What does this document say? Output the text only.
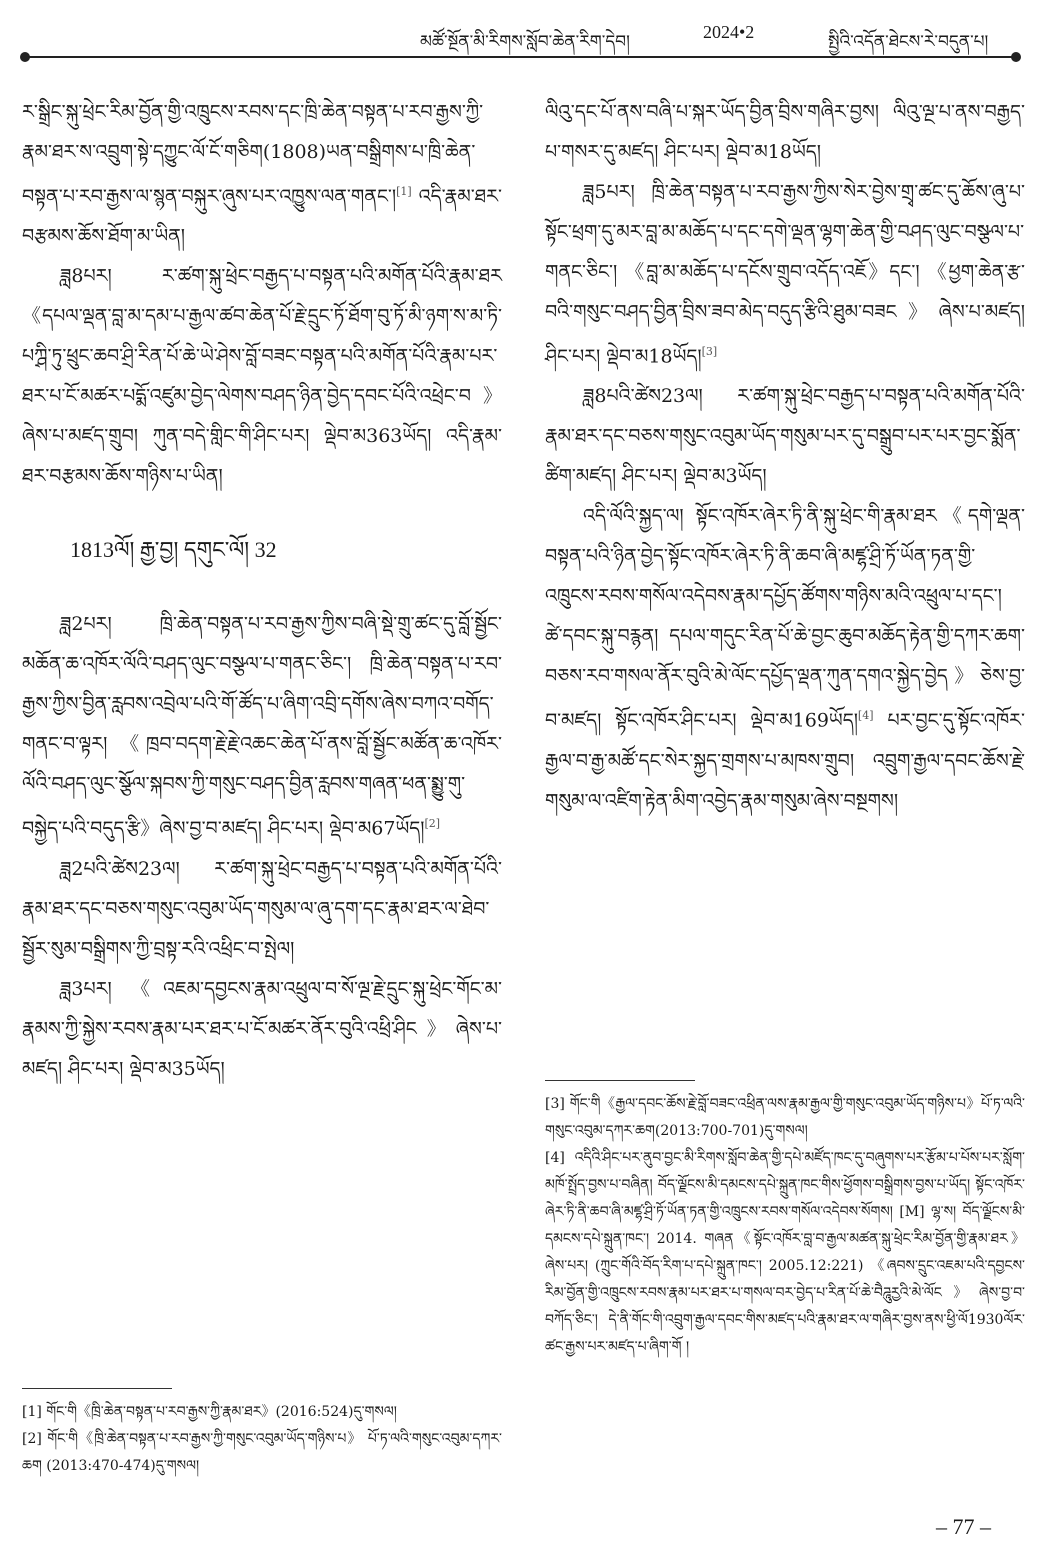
མཚོ་སྔོན་མི་རིགས་སློབ་ཆེན་རིག་དེབ།	2024•2	སྤྱིའི་འདོན་ཐེངས་རེ་བདུན་པ།

ར་སྒྲིང་སྐུ་ཕྲེང་རིམ་བྱོན་གྱི་འཁྲུངས་རབས་དང་ཁྲི་ཆེན་བསྟན་པ་རབ་རྒྱས་ཀྱི་རྣམ་ཐར་ས་འབྲུག་སྟེ་དཀྱུང་ལོ་ངོ་གཅིག(1808)ཡན་བསྒྲིགས་པ་ཁྲི་ཆེན་བསྟན་པ་རབ་རྒྱས་ལ་སྙན་བསྐུར་ཞུས་པར་འཁྱུས་ལན་གནང་།[1] འདི་རྣམ་ཐར་བརྩམས་ཆོས་ཐོག་མ་ཡིན།

ཟླ8པར། ར་ཚག་སྐུ་ཕྲེང་བརྒྱད་པ་བསྟན་པའི་མགོན་པོའི་རྣམ་ཐར《དཔལ་ལྡན་བླ་མ་དམ་པ་རྒྱལ་ཚབ་ཆེན་པོ་རྗེ་དྲུང་ཏོ་ཐོག་བུ་ཏོ་མི་ཉག་ས་མ་ཏི་པཀྴི་ཏུ་ཕྲུང་ཆབ་ཤྲི་རིན་པོ་ཆེ་ཡེ་ཤེས་བློ་བཟང་བསྟན་པའི་མགོན་པོའི་རྣམ་པར་ཐར་པ་ངོ་མཚར་པདྨོ་འཛུམ་བྱེད་ལེགས་བཤད་ཉིན་བྱེད་དབང་པོའི་འཕྲེང་བ》ཞེས་པ་མཛད་གྲུབ། ཀུན་བདེ་གླིང་གི་ཤིང་པར། ལྡེབ་མ363ཡོད། འདི་རྣམ་ཐར་བརྩམས་ཆོས་གཉིས་པ་ཡིན།

1813ལོ། རྒྱ་བྱ། དགུང་ལོ། 32

ཟླ2པར། ཁྲི་ཆེན་བསྟན་པ་རབ་རྒྱས་ཀྱིས་བཞི་སྡེ་གྲུ་ཚང་དུ་བློ་སྦྱོང་མཆོན་ཆ་འཁོར་ལོའི་བཤད་ལུང་བསྩལ་པ་གནང་ཅིང་། ཁྲི་ཆེན་བསྟན་པ་རབ་རྒྱས་ཀྱིས་བྱིན་རླབས་འབྲེལ་པའི་གོ་ཚོད་པ་ཞིག་འབྲི་དགོས་ཞེས་བཀའ་བགོད་གནང་བ་ལྟར། 《ཁྲབ་བདག་རྗེ་རྗེ་འཆང་ཆེན་པོ་ནས་བློ་སྦྱོང་མཚོན་ཆ་འཁོར་ལོའི་བཤད་ལུང་སྩོལ་སྐབས་ཀྱི་གསུང་བཤད་བྱིན་རླབས་གཞན་ཕན་སྨྱུ་གུ་བསྐྱེད་པའི་བདུད་རྩི》ཞེས་བྱ་བ་མཛད། ཤིང་པར། ལྡེབ་མ67ཡོད།[2]

ཟླ2པའི་ཚེས23ལ། ར་ཚག་སྐུ་ཕྲེང་བརྒྱད་པ་བསྟན་པའི་མགོན་པོའི་རྣམ་ཐར་དང་བཅས་གསུང་འབུམ་ཡོད་གསུམ་ལ་ཞུ་དག་དང་རྣམ་ཐར་ལ་ཐེབ་སྦྱོར་སུམ་བསྒྲིགས་ཀྱི་བྲསྟ་རའི་འཕྲིང་བ་སྤེལ།

ཟླ3པར། 《འཇམ་དབྱངས་རྣམ་འཕྲུལ་བ་སོ་ལྔ་རྗེ་དྲུང་སྐུ་ཕྲེང་གོང་མ་རྣམས་ཀྱི་སྐྱེས་རབས་རྣམ་པར་ཐར་པ་ངོ་མཚར་ནོར་བུའི་འཕྲི་ཤིང》ཞེས་པ་མཛད། ཤིང་པར། ལྡེབ་མ35ཡོད།

[1] གོང་གི《ཁྲི་ཆེན་བསྟན་པ་རབ་རྒྱས་ཀྱི་རྣམ་ཐར》(2016:524)དུ་གསལ།

[2] གོང་གི《ཁྲི་ཆེན་བསྟན་པ་རབ་རྒྱས་ཀྱི་གསུང་འབུམ་ཡོད་གཉིས་པ》 པོ་ཏ་ལའི་གསུང་འབུམ་དཀར་ཆག (2013:470-474)དུ་གསལ།

ལིའུ་དང་པོ་ནས་བཞི་པ་སྐར་ཡོད་བྱིན་བྲིས་གཞིར་བྱས། ལིའུ་ལྔ་པ་ནས་བརྒྱད་པ་གསར་དུ་མཛད། ཤིང་པར། ལྡེབ་མ18ཡོད།

ཟླ5པར། ཁྲི་ཆེན་བསྟན་པ་རབ་རྒྱས་ཀྱིས་སེར་བྱེས་གྲྭ་ཚང་དུ་ཆོས་ཞུ་པ་སྟོང་ཕྲག་དུ་མར་བླ་མ་མཆོད་པ་དང་དགེ་ལྡན་ལྷག་ཆེན་གྱི་བཤད་ལུང་བསྩལ་པ་གནང་ཅིང་། 《བླ་མ་མཆོད་པ་དངོས་གྲུབ་འདོད་འཇོ》དང་། 《ཕྱག་ཆེན་རྩ་བའི་གསུང་བཤད་བྱིན་བྲིས་ཟབ་མེད་བདུད་རྩིའི་ཐུམ་བཟང》ཞེས་པ་མཛད། ཤིང་པར། ལྡེབ་མ18ཡོད།[3]

ཟླ8པའི་ཚེས23ལ། ར་ཚག་སྐུ་ཕྲེང་བརྒྱད་པ་བསྟན་པའི་མགོན་པོའི་རྣམ་ཐར་དང་བཅས་གསུང་འབུམ་ཡོད་གསུམ་པར་དུ་བསྒྲུབ་པར་པར་བྱང་སྨོན་ཚིག་མཛད། ཤིང་པར། ལྡེབ་མ3ཡོད།

འདི་ལོའི་སྐྱད་ལ། སྟོང་འཁོར་ཞེར་ཏི་ནི་སྐུ་ཕྲེང་གི་རྣམ་ཐར《དགེ་ལྡན་བསྟན་པའི་ཉིན་བྱེད་སྟོང་འཁོར་ཞེར་ཏི་ནི་ཆབ་ཞི་མཛྷ་ཤྲི་ཏོ་ཡོན་ཏན་གྱི་འཁྲུངས་རབས་གསོལ་འདེབས་རྣམ་དཔྱོད་ཚོགས་གཉིས་མའི་འཕྲུལ་པ་དང་། ཚེ་དབང་སྐུ་བརྙན། དཔལ་གདུང་རིན་པོ་ཆེ་བྱང་ཆུབ་མཆོད་རྟེན་གྱི་དཀར་ཆག་བཅས་རབ་གསལ་ནོར་བུའི་མེ་ལོང་དཔྱོད་ལྡན་ཀུན་དགའ་སྐྱེད་བྱེད》ཅེས་བྱ་བ་མཛད། སྟོང་འཁོར་ཤིང་པར། ལྡེབ་མ169ཡོད།[4] པར་བྱང་དུ་སྟོང་འཁོར་རྒྱལ་བ་རྒྱ་མཚོ་དང་སེར་སྐྱད་གྲགས་པ་མཁས་གྲུབ། འབྲུག་རྒྱལ་དབང་ཆོས་རྗེ་གསུམ་ལ་འཛིག་རྟེན་མིག་འབྱེད་རྣམ་གསུམ་ཞེས་བསྔགས།

[3] གོང་གི《རྒྱལ་དབང་ཆོས་རྗེ་བློ་བཟང་འཕྲིན་ལས་རྣམ་རྒྱལ་གྱི་གསུང་འབུམ་ཡོད་གཉིས་པ》པོ་ཏ་ལའི་གསུང་འབུམ་དཀར་ཆག(2013:700-701)དུ་གསལ།

[4] འདིའི་ཤིང་པར་ནུབ་བྱང་མི་རིགས་སློབ་ཆེན་གྱི་དཔེ་མཛོད་ཁང་དུ་བཞུགས་པར་རྩོམ་པ་པོས་པར་སློག་མཁོ་སྤྲོད་བྱས་པ་བཞིན། བོད་ལྗོངས་མི་དམངས་དཔེ་སྐྲུན་ཁང་གིས་ཕྱོགས་བསྒྲིགས་བྱས་པ་ཡོད། སྟོང་འཁོར་ཞེར་ཏི་ནི་ཆབ་ཞི་མཛྷ་ཤྲི་ཏོ་ཡོན་ཏན་གྱི་འཁྲུངས་རབས་གསོལ་འདེབས་སོགས། [M] ལྷ་ས། བོད་ལྗོངས་མི་དམངས་དཔེ་སྐྲུན་ཁང་། 2014. གཞན《སྟོང་འཁོར་བླ་བ་རྒྱལ་མཚན་སྐུ་ཕྲེང་རིམ་བྱོན་གྱི་རྣམ་ཐར》ཞེས་པར། (ཀྲུང་གོའི་བོད་རིག་པ་དཔེ་སྐྲུན་ཁང་། 2005.12:221) 《ཞབས་དྲུང་འཇམ་པའི་དབྱངས་རིམ་བྱོན་གྱི་འཁྲུངས་རབས་རྣམ་པར་ཐར་པ་གསལ་བར་བྱེད་པ་རིན་པོ་ཆེ་བཻཌཱུརྱའི་མེ་ལོང》ཞེས་བྱ་བ་བཀོད་ཅིང་། དེ་ནི་གོང་གི་འབྲུག་རྒྱལ་དབང་གིས་མཛད་པའི་རྣམ་ཐར་ལ་གཞིར་བྱས་ནས་ཕྱི་ལོ1930ལོར་ཚང་རྒྱས་པར་མཛད་པ་ཞིག་གོ །

– 77 –
